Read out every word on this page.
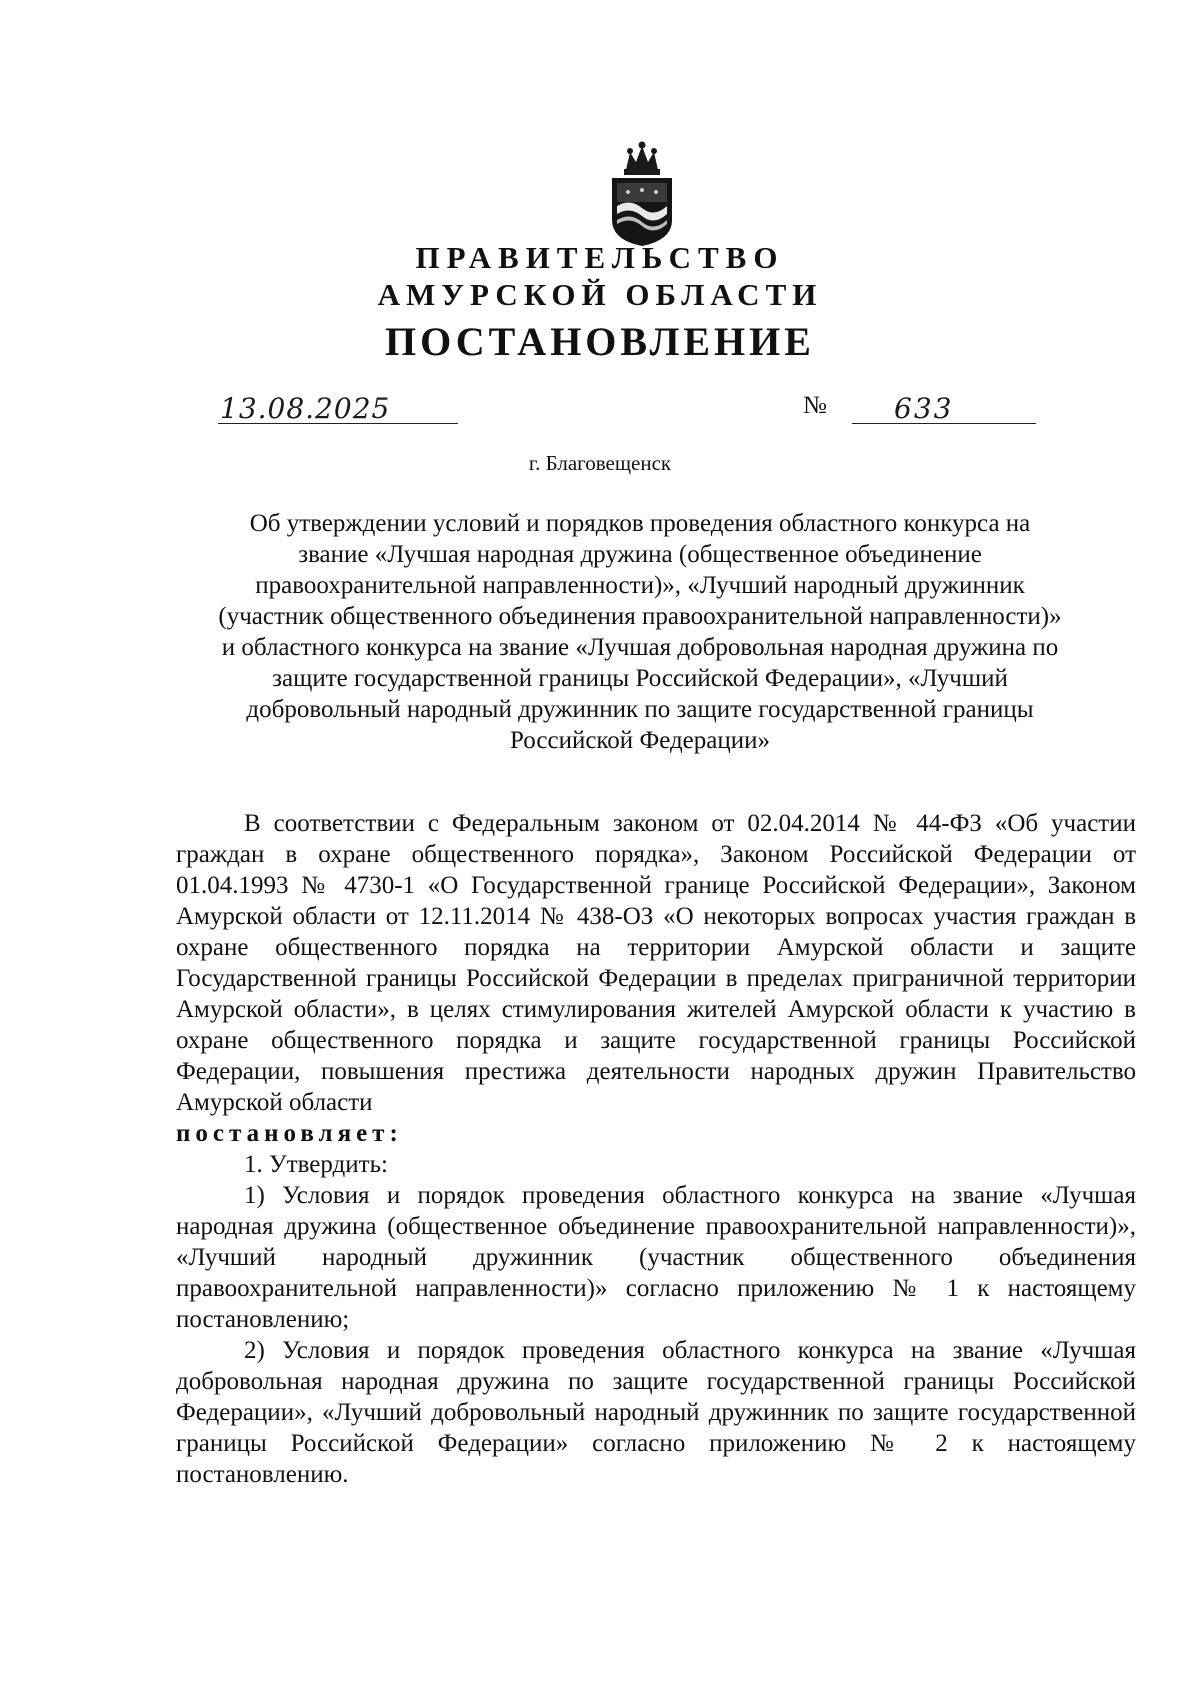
ПРАВИТЕЛЬСТВО
АМУРСКОЙ ОБЛАСТИ
ПОСТАНОВЛЕНИЕ
13.08.2025	№ 633
г. Благовещенск
Об утверждении условий и порядков проведения областного конкурса на
звание «Лучшая народная дружина (общественное объединение
правоохранительной направленности)», «Лучший народный дружинник
(участник общественного объединения правоохранительной направленности)»
и областного конкурса на звание «Лучшая добровольная народная дружина по
защите государственной границы Российской Федерации», «Лучший
добровольный народный дружинник по защите государственной границы
Российской Федерации»

В соответствии с Федеральным законом от 02.04.2014 № 44-ФЗ «Об участии граждан в охране общественного порядка», Законом Российской Федерации от 01.04.1993 № 4730-1 «О Государственной границе Российской Федерации», Законом Амурской области от 12.11.2014 № 438-ОЗ «О некоторых вопросах участия граждан в охране общественного порядка на территории Амурской области и защите Государственной границы Российской Федерации в пределах приграничной территории Амурской области», в целях стимулирования жителей Амурской области к участию в охране общественного порядка и защите государственной границы Российской Федерации, повышения престижа деятельности народных дружин Правительство Амурской области

постановляет:

1. Утвердить:

1) Условия и порядок проведения областного конкурса на звание «Лучшая народная дружина (общественное объединение правоохранительной направленности)», «Лучший народный дружинник (участник общественного объединения правоохранительной направленности)» согласно приложению № 1 к настоящему постановлению;

2) Условия и порядок проведения областного конкурса на звание «Лучшая добровольная народная дружина по защите государственной границы Российской Федерации», «Лучший добровольный народный дружинник по защите государственной границы Российской Федерации» согласно приложению № 2 к настоящему постановлению.
